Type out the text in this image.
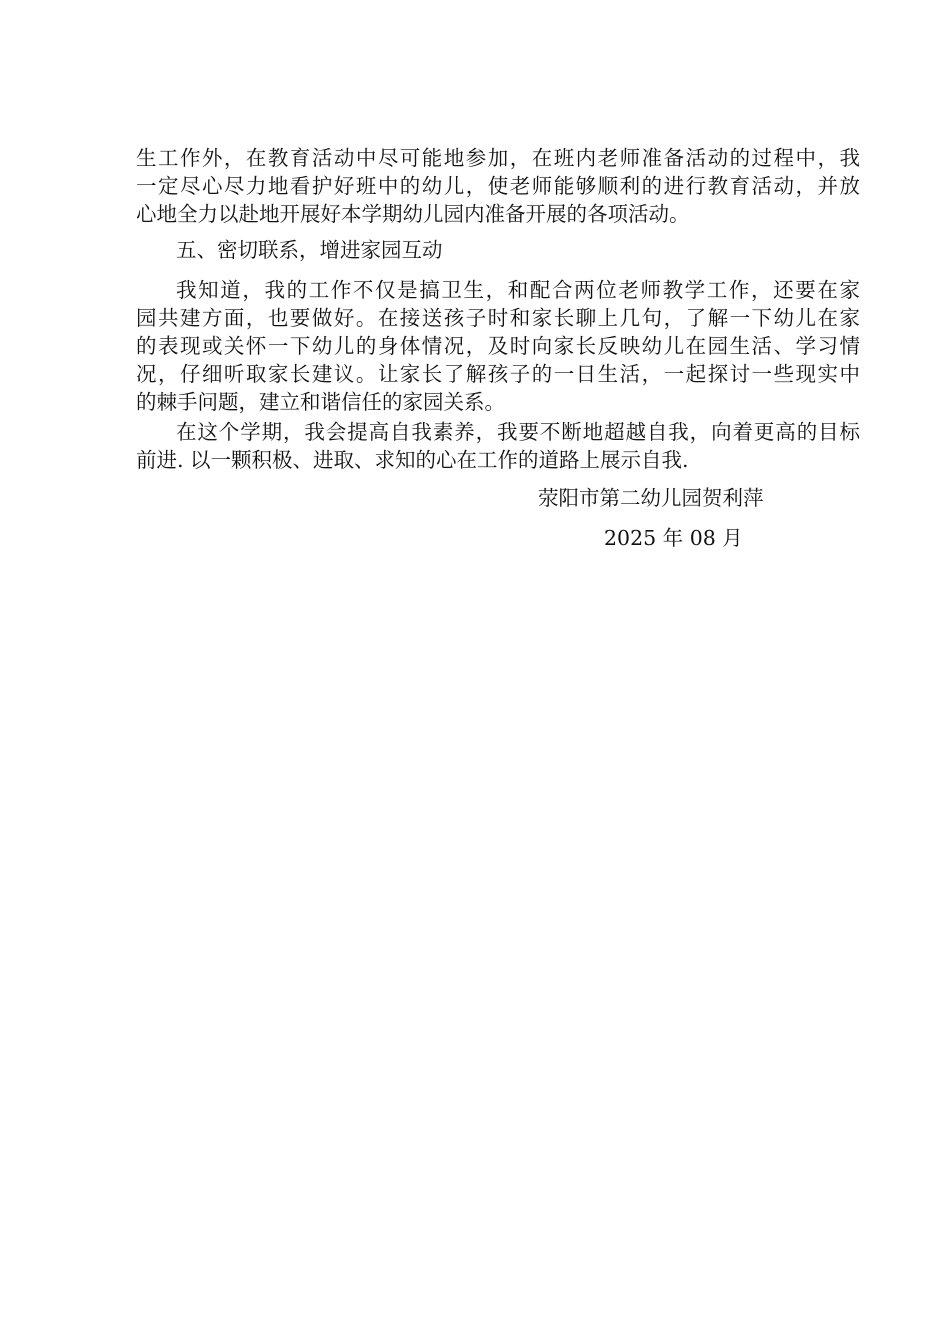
生工作外，在教育活动中尽可能地参加，在班内老师准备活动的过程中，我
一定尽心尽力地看护好班中的幼儿，使老师能够顺利的进行教育活动，并放
心地全力以赴地开展好本学期幼儿园内准备开展的各项活动。
五、密切联系，增进家园互动
我知道，我的工作不仅是搞卫生，和配合两位老师教学工作，还要在家
园共建方面，也要做好。在接送孩子时和家长聊上几句，了解一下幼儿在家
的表现或关怀一下幼儿的身体情况，及时向家长反映幼儿在园生活、学习情
况，仔细听取家长建议。让家长了解孩子的一日生活，一起探讨一些现实中
的棘手问题，建立和谐信任的家园关系。
在这个学期，我会提高自我素养，我要不断地超越自我，向着更高的目标
前进. 以一颗积极、进取、求知的心在工作的道路上展示自我.
荥阳市第二幼儿园贺利萍
2025 年 08 月
